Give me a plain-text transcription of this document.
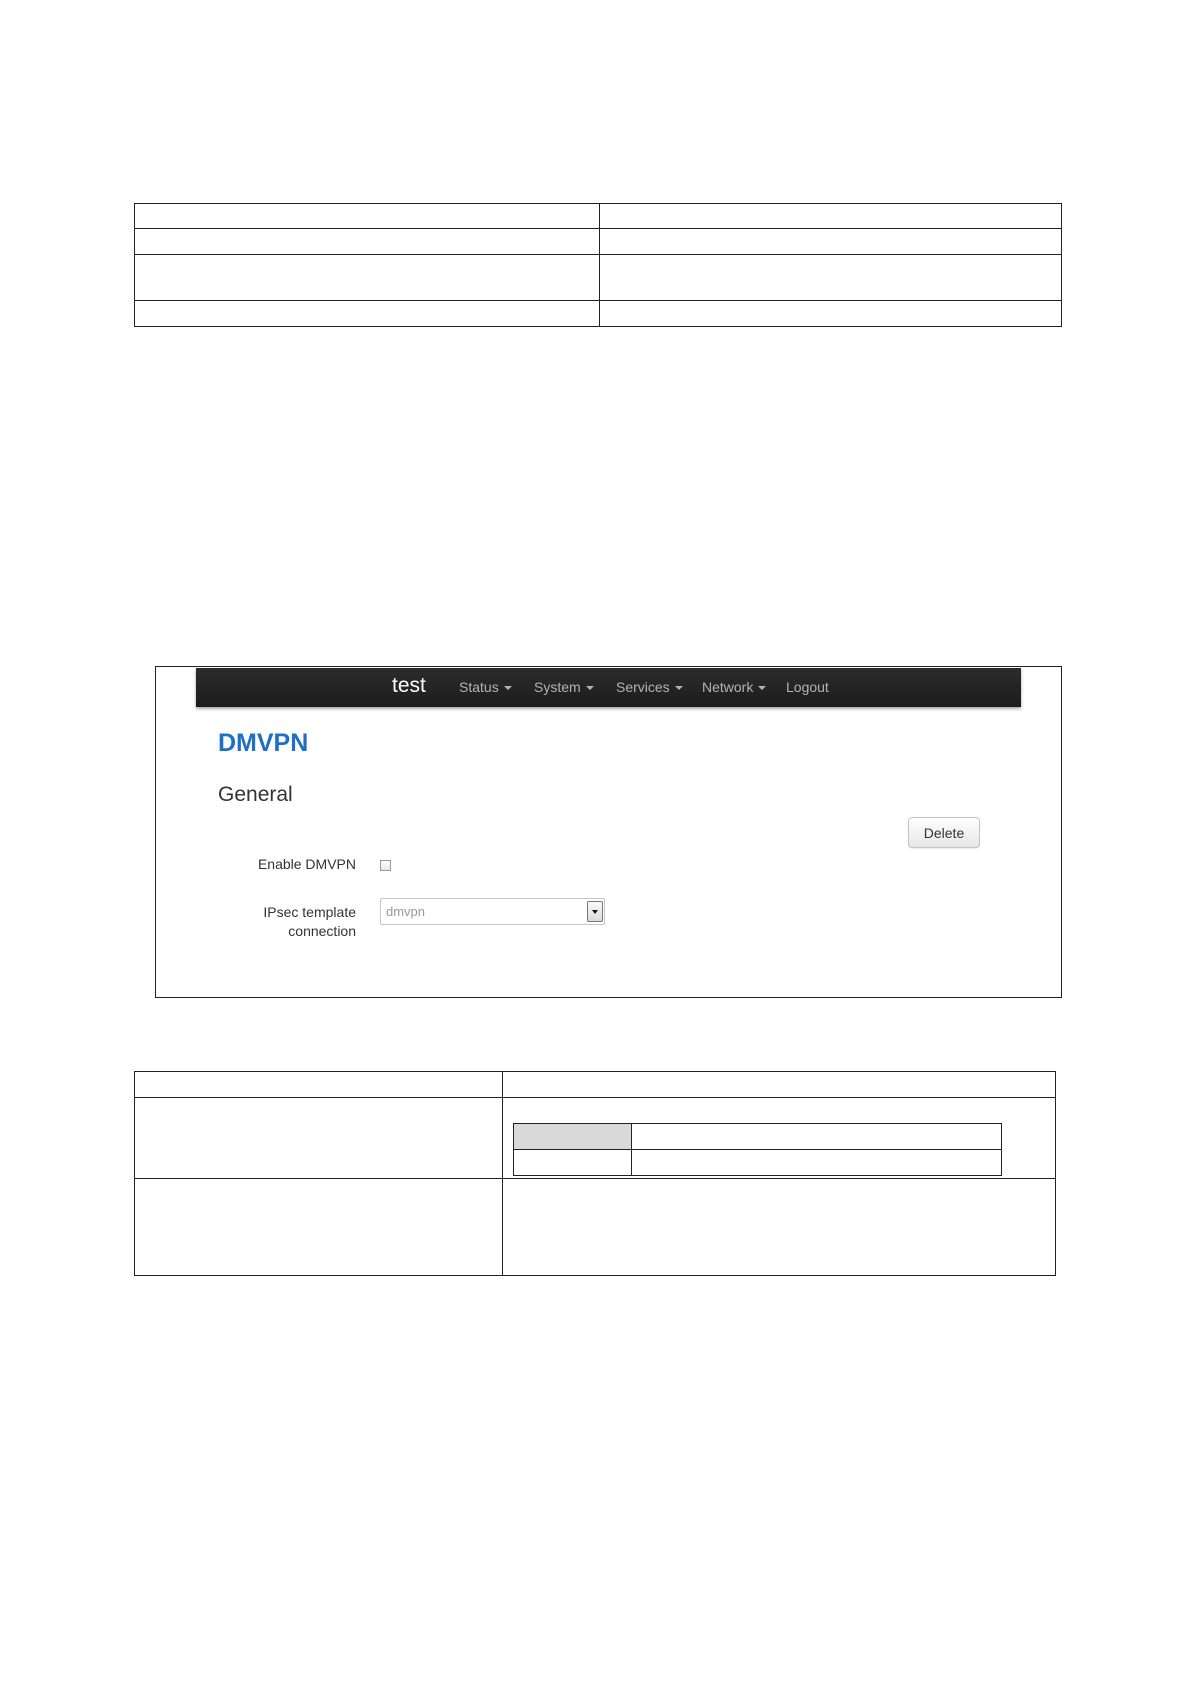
test Status	System	Services	Network	Logout
DMVPN
General
Delete
Enable DMVPN
IPsec template connection
dmvpn
